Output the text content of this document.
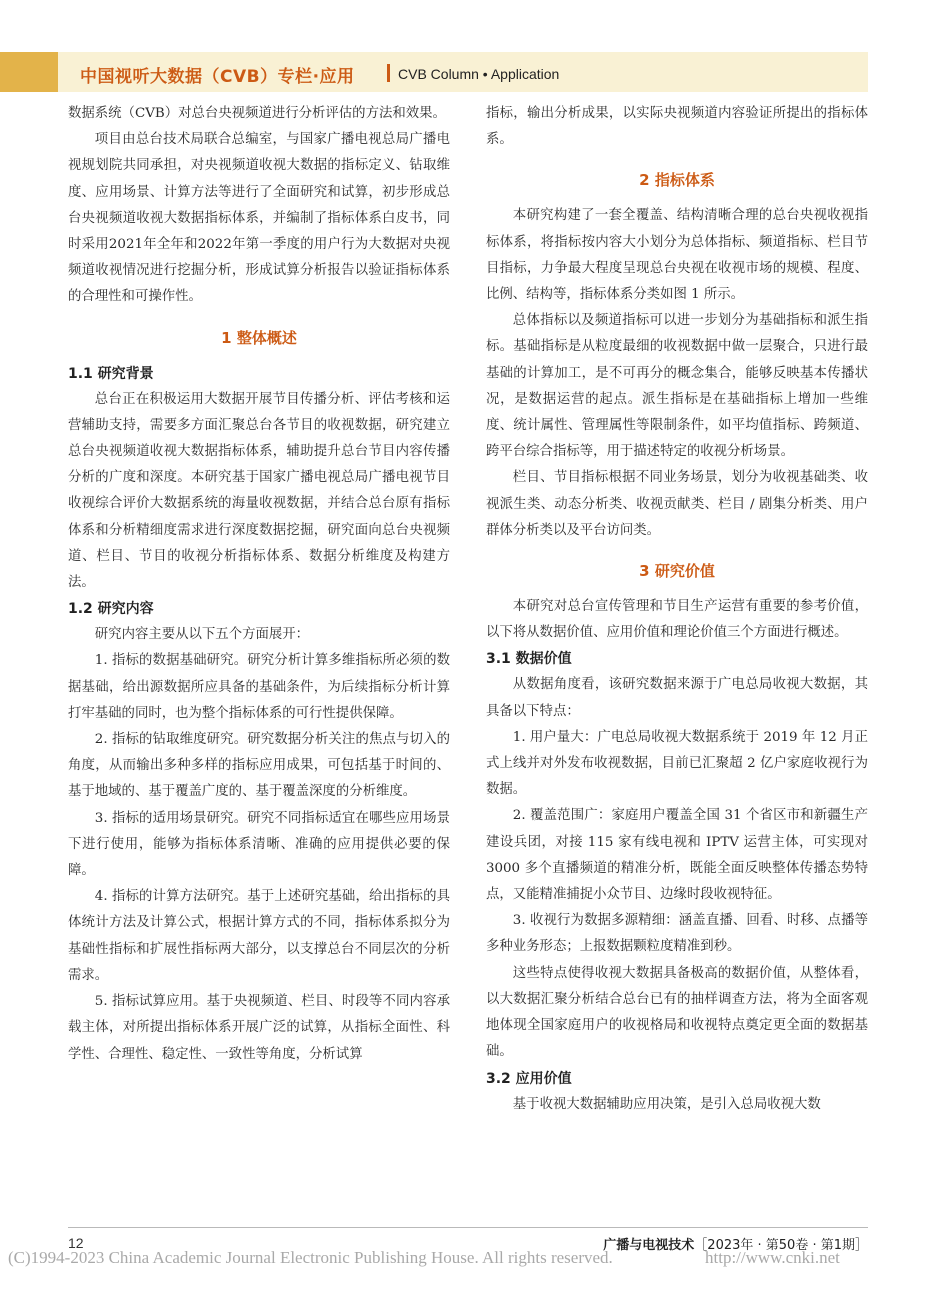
中国视听大数据（CVB）专栏·应用	CVB Column • Application

数据系统（CVB）对总台央视频道进行分析评估的方法和效果。

项目由总台技术局联合总编室，与国家广播电视总局广播电视规划院共同承担，对央视频道收视大数据的指标定义、钻取维度、应用场景、计算方法等进行了全面研究和试算，初步形成总台央视频道收视大数据指标体系，并编制了指标体系白皮书，同时采用2021年全年和2022年第一季度的用户行为大数据对央视频道收视情况进行挖掘分析，形成试算分析报告以验证指标体系的合理性和可操作性。

1 整体概述
1.1 研究背景

总台正在积极运用大数据开展节目传播分析、评估考核和运营辅助支持，需要多方面汇聚总台各节目的收视数据，研究建立总台央视频道收视大数据指标体系，辅助提升总台节目内容传播分析的广度和深度。本研究基于国家广播电视总局广播电视节目收视综合评价大数据系统的海量收视数据，并结合总台原有指标体系和分析精细度需求进行深度数据挖掘，研究面向总台央视频道、栏目、节目的收视分析指标体系、数据分析维度及构建方法。

1.2 研究内容

研究内容主要从以下五个方面展开：

1. 指标的数据基础研究。研究分析计算多维指标所必须的数据基础，给出源数据所应具备的基础条件，为后续指标分析计算打牢基础的同时，也为整个指标体系的可行性提供保障。

2. 指标的钻取维度研究。研究数据分析关注的焦点与切入的角度，从而输出多种多样的指标应用成果，可包括基于时间的、基于地域的、基于覆盖广度的、基于覆盖深度的分析维度。

3. 指标的适用场景研究。研究不同指标适宜在哪些应用场景下进行使用，能够为指标体系清晰、准确的应用提供必要的保障。

4. 指标的计算方法研究。基于上述研究基础，给出指标的具体统计方法及计算公式，根据计算方式的不同，指标体系拟分为基础性指标和扩展性指标两大部分，以支撑总台不同层次的分析需求。

5. 指标试算应用。基于央视频道、栏目、时段等不同内容承载主体，对所提出指标体系开展广泛的试算，从指标全面性、科学性、合理性、稳定性、一致性等角度，分析试算

指标，输出分析成果，以实际央视频道内容验证所提出的指标体系。

2 指标体系

本研究构建了一套全覆盖、结构清晰合理的总台央视收视指标体系，将指标按内容大小划分为总体指标、频道指标、栏目节目指标，力争最大程度呈现总台央视在收视市场的规模、程度、比例、结构等，指标体系分类如图 1 所示。

总体指标以及频道指标可以进一步划分为基础指标和派生指标。基础指标是从粒度最细的收视数据中做一层聚合，只进行最基础的计算加工，是不可再分的概念集合，能够反映基本传播状况，是数据运营的起点。派生指标是在基础指标上增加一些维度、统计属性、管理属性等限制条件，如平均值指标、跨频道、跨平台综合指标等，用于描述特定的收视分析场景。

栏目、节目指标根据不同业务场景，划分为收视基础类、收视派生类、动态分析类、收视贡献类、栏目 / 剧集分析类、用户群体分析类以及平台访问类。

3 研究价值

本研究对总台宣传管理和节目生产运营有重要的参考价值，以下将从数据价值、应用价值和理论价值三个方面进行概述。

3.1 数据价值

从数据角度看，该研究数据来源于广电总局收视大数据，其具备以下特点：

1. 用户量大：广电总局收视大数据系统于 2019 年 12 月正式上线并对外发布收视数据，目前已汇聚超 2 亿户家庭收视行为数据。

2. 覆盖范围广：家庭用户覆盖全国 31 个省区市和新疆生产建设兵团，对接 115 家有线电视和 IPTV 运营主体，可实现对 3000 多个直播频道的精准分析，既能全面反映整体传播态势特点，又能精准捕捉小众节目、边缘时段收视特征。

3. 收视行为数据多源精细：涵盖直播、回看、时移、点播等多种业务形态；上报数据颗粒度精准到秒。

这些特点使得收视大数据具备极高的数据价值，从整体看，以大数据汇聚分析结合总台已有的抽样调查方法，将为全面客观地体现全国家庭用户的收视格局和收视特点奠定更全面的数据基础。

3.2 应用价值

基于收视大数据辅助应用决策，是引入总局收视大数

12	广播与电视技术［2023年 · 第50卷 · 第1期］
(C)1994-2023 China Academic Journal Electronic Publishing House. All rights reserved.	http://www.cnki.net
